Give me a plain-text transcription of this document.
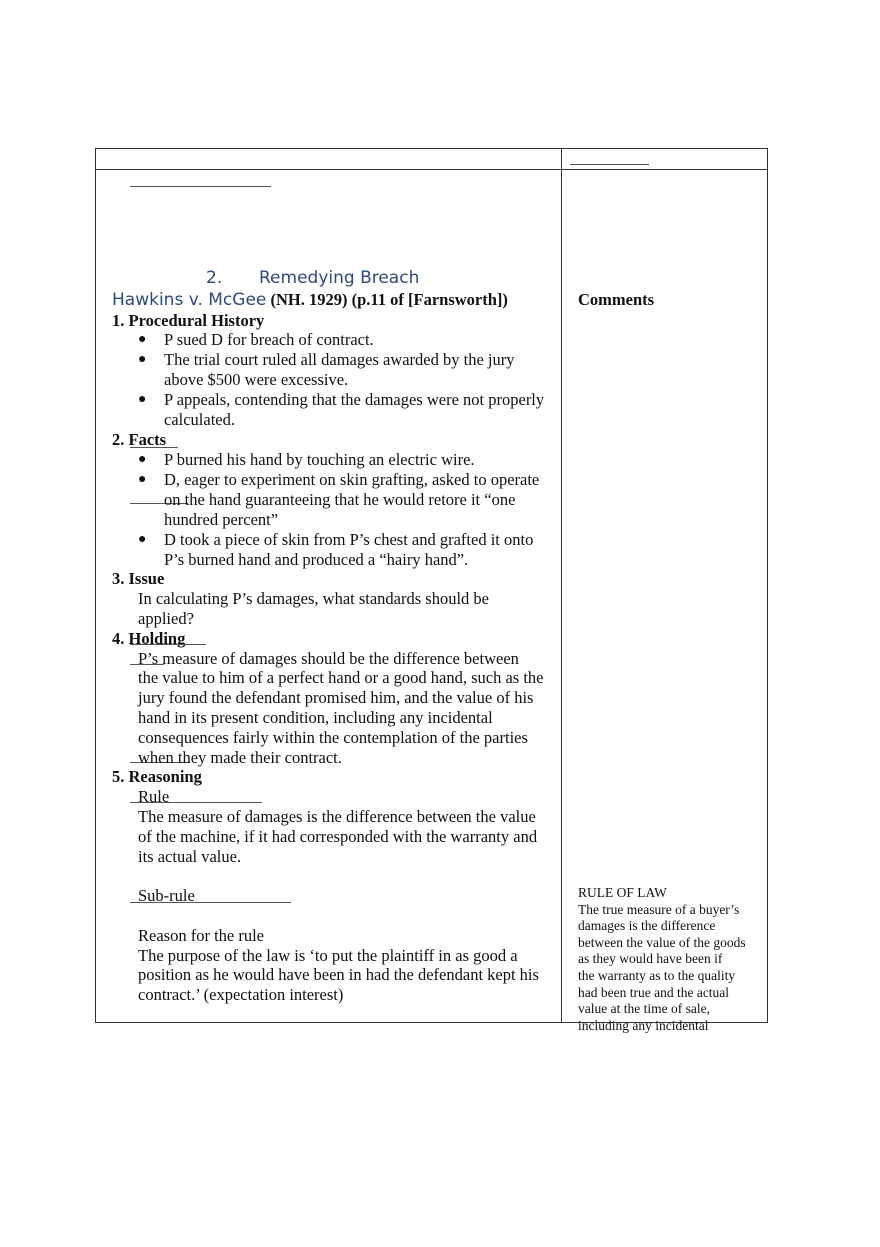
2. Remedying Breach
Hawkins v. McGee (NH. 1929) (p.11 of [Farnsworth])	Comments
1. Procedural History
● P sued D for breach of contract.
● The trial court ruled all damages awarded by the jury
above $500 were excessive.
● P appeals, contending that the damages were not properly
calculated.
2. Facts
● P burned his hand by touching an electric wire.
● D, eager to experiment on skin grafting, asked to operate
on the hand guaranteeing that he would retore it “one
hundred percent”
● D took a piece of skin from P’s chest and grafted it onto
P’s burned hand and produced a “hairy hand”.
3. Issue
In calculating P’s damages, what standards should be
applied?
4. Holding
P’s measure of damages should be the difference between
the value to him of a perfect hand or a good hand, such as the
jury found the defendant promised him, and the value of his
hand in its present condition, including any incidental
consequences fairly within the contemplation of the parties
when they made their contract.
5. Reasoning
Rule
The measure of damages is the difference between the value
of the machine, if it had corresponded with the warranty and
its actual value.
Sub-rule
Reason for the rule
The purpose of the law is ‘to put the plaintiff in as good a
position as he would have been in had the defendant kept his
contract.’ (expectation interest)
RULE OF LAW
The true measure of a buyer’s
damages is the difference
between the value of the goods
as they would have been if
the warranty as to the quality
had been true and the actual
value at the time of sale,
including any incidental
